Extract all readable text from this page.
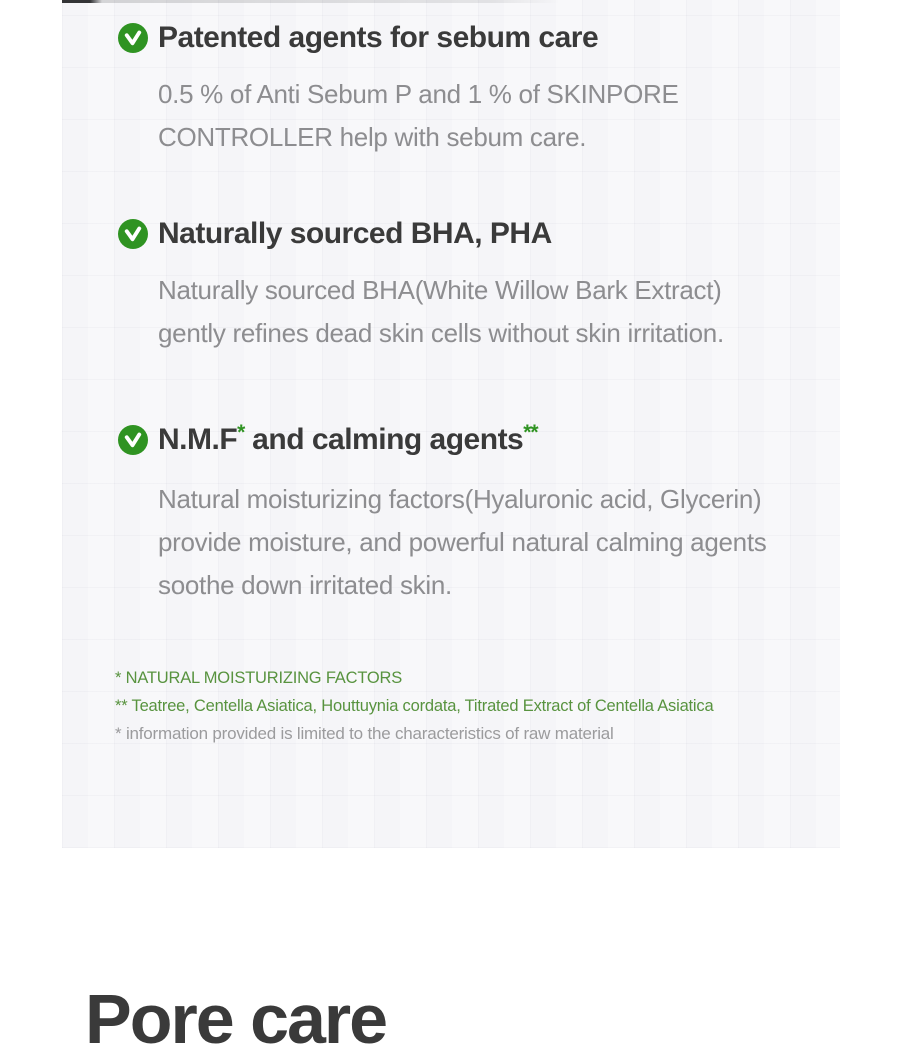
Patented agents for sebum care
0.5 % of Anti Sebum P and 1 % of SKINPORE
CONTROLLER help with sebum care.
Naturally sourced BHA, PHA
Naturally sourced BHA(White Willow Bark Extract)
gently refines dead skin cells without skin irritation.
N.M.F* and calming agents**
Natural moisturizing factors(Hyaluronic acid, Glycerin)
provide moisture, and powerful natural calming agents
soothe down irritated skin.
* NATURAL MOISTURIZING FACTORS
** Teatree, Centella Asiatica, Houttuynia cordata, Titrated Extract of Centella Asiatica
* information provided is limited to the characteristics of raw material
Pore care
